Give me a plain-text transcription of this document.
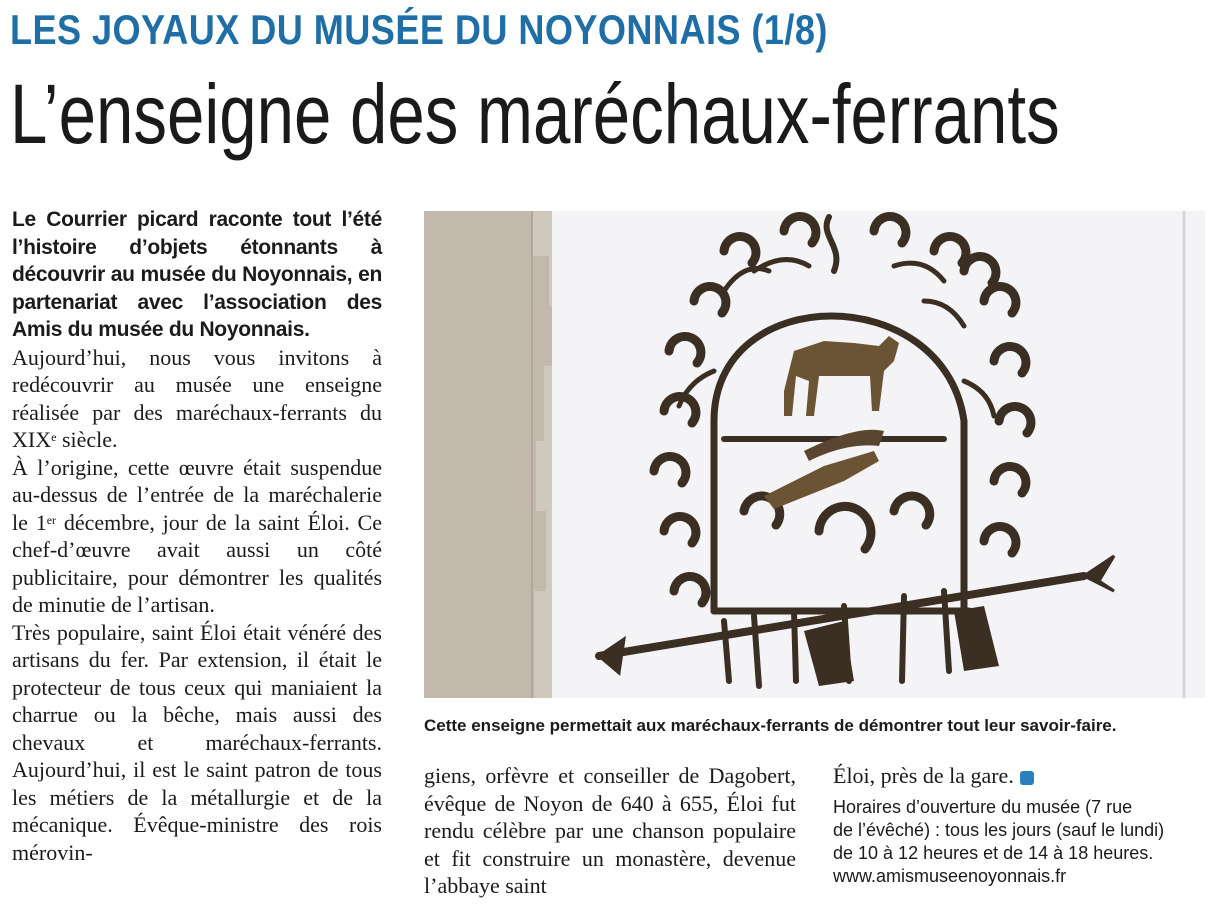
LES JOYAUX DU MUSÉE DU NOYONNAIS (1/8)
L’enseigne des maréchaux-ferrants

Le Courrier picard raconte tout l’été l’histoire d’objets étonnants à découvrir au musée du Noyonnais, en partenariat avec l’association des Amis du musée du Noyonnais.

Aujourd’hui, nous vous invitons à redécouvrir au musée une enseigne réalisée par des maréchaux-ferrants du XIXe siècle.

À l’origine, cette œuvre était suspendue au-dessus de l’entrée de la maréchalerie le 1er décembre, jour de la saint Éloi. Ce chef-d’œuvre avait aussi un côté publicitaire, pour démontrer les qualités de minutie de l’artisan.

Très populaire, saint Éloi était vénéré des artisans du fer. Par extension, il était le protecteur de tous ceux qui maniaient la charrue ou la bêche, mais aussi des chevaux et maréchaux-ferrants. Aujourd’hui, il est le saint patron de tous les métiers de la métallurgie et de la mécanique. Évêque-ministre des rois mérovin-

Cette enseigne permettait aux maréchaux-ferrants de démontrer tout leur savoir-faire.

giens, orfèvre et conseiller de Dagobert, évêque de Noyon de 640 à 655, Éloi fut rendu célèbre par une chanson populaire et fit construire un monastère, devenue l’abbaye saint

Éloi, près de la gare.

Horaires d’ouverture du musée (7 rue

de l’évêché) : tous les jours (sauf le lundi)

de 10 à 12 heures et de 14 à 18 heures.

www.amismuseenoyonnais.fr
